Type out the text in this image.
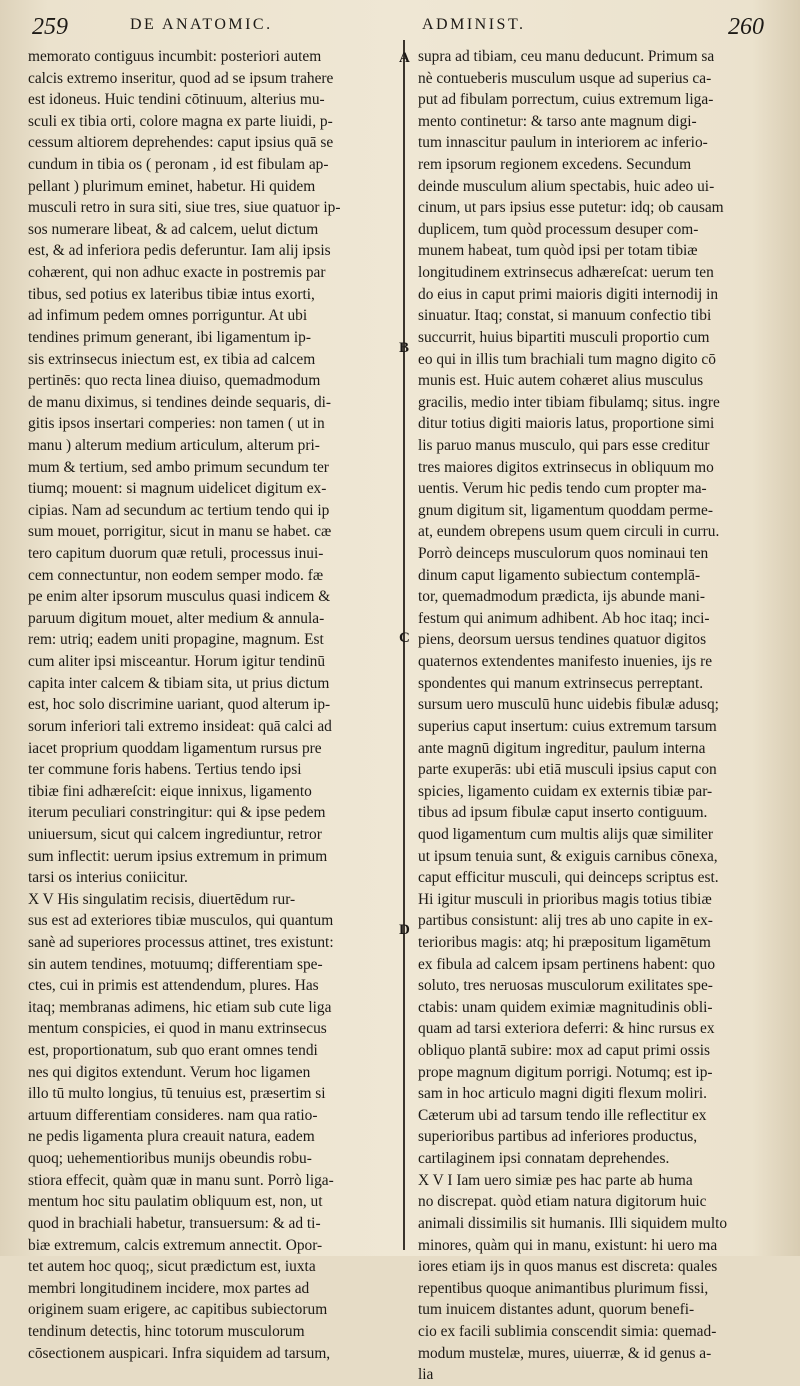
259	DE ANATOMIC.	ADMINIST.	260
A
B
C
D
memorato contiguus incumbit: posteriori autem
calcis extremo inseritur, quod ad se ipsum trahere
est idoneus. Huic tendini cōtinuum, alterius mu-
sculi ex tibia orti, colore magna ex parte liuidi, p-
cessum altiorem deprehendes: caput ipsius quā se
cundum in tibia os ( peronam , id est fibulam ap-
pellant ) plurimum eminet, habetur. Hi quidem
musculi retro in sura siti, siue tres, siue quatuor ip-
sos numerare libeat, & ad calcem, uelut dictum
est, & ad inferiora pedis deferuntur. Iam alij ipsis
cohærent, qui non adhuc exacte in postremis par
tibus, sed potius ex lateribus tibiæ intus exorti,
ad infimum pedem omnes porriguntur. At ubi
tendines primum generant, ibi ligamentum ip-
sis extrinsecus iniectum est, ex tibia ad calcem
pertinēs: quo recta linea diuiso, quemadmodum
de manu diximus, si tendines deinde sequaris, di-
gitis ipsos insertari comperies: non tamen ( ut in
manu ) alterum medium articulum, alterum pri-
mum & tertium, sed ambo primum secundum ter
tiumq; mouent: si magnum uidelicet digitum ex-
cipias. Nam ad secundum ac tertium tendo qui ip
sum mouet, porrigitur, sicut in manu se habet. cæ
tero capitum duorum quæ retuli, processus inui-
cem connectuntur, non eodem semper modo. fæ
pe enim alter ipsorum musculus quasi indicem &
paruum digitum mouet, alter medium & annula-
rem: utriq; eadem uniti propagine, magnum. Est
cum aliter ipsi misceantur. Horum igitur tendinū
capita inter calcem & tibiam sita, ut prius dictum
est, hoc solo discrimine uariant, quod alterum ip-
sorum inferiori tali extremo insideat: quā calci ad
iacet proprium quoddam ligamentum rursus pre
ter commune foris habens. Tertius tendo ipsi
tibiæ fini adhæreſcit: eique innixus, ligamento
iterum peculiari constringitur: qui & ipse pedem
uniuersum, sicut qui calcem ingrediuntur, retror
sum inflectit: uerum ipsius extremum in primum
tarsi os interius coniicitur.
X V His singulatim recisis, diuertēdum rur-
sus est ad exteriores tibiæ musculos, qui quantum
sanè ad superiores processus attinet, tres existunt:
sin autem tendines, motuumq; differentiam spe-
ctes, cui in primis est attendendum, plures. Has
itaq; membranas adimens, hic etiam sub cute liga
mentum conspicies, ei quod in manu extrinsecus
est, proportionatum, sub quo erant omnes tendi
nes qui digitos extendunt. Verum hoc ligamen
illo tū multo longius, tū tenuius est, præsertim si
artuum differentiam consideres. nam qua ratio-
ne pedis ligamenta plura creauit natura, eadem
quoq; uehementioribus munijs obeundis robu-
stiora effecit, quàm quæ in manu sunt. Porrò liga-
mentum hoc situ paulatim obliquum est, non, ut
quod in brachiali habetur, transuersum: & ad ti-
biæ extremum, calcis extremum annectit. Opor-
tet autem hoc quoq;, sicut prædictum est, iuxta
membri longitudinem incidere, mox partes ad
originem suam erigere, ac capitibus subiectorum
tendinum detectis, hinc totorum musculorum
cōsectionem auspicari. Infra siquidem ad tarsum,
supra ad tibiam, ceu manu deducunt. Primum sa
nè contueberis musculum usque ad superius ca-
put ad fibulam porrectum, cuius extremum liga-
mento continetur: & tarso ante magnum digi-
tum innascitur paulum in interiorem ac inferio-
rem ipsorum regionem excedens. Secundum
deinde musculum alium spectabis, huic adeo ui-
cinum, ut pars ipsius esse putetur: idq; ob causam
duplicem, tum quòd processum desuper com-
munem habeat, tum quòd ipsi per totam tibiæ
longitudinem extrinsecus adhæreſcat: uerum ten
do eius in caput primi maioris digiti internodij in
sinuatur. Itaq; constat, si manuum confectio tibi
succurrit, huius bipartiti musculi proportio cum
eo qui in illis tum brachiali tum magno digito cō
munis est. Huic autem cohæret alius musculus
gracilis, medio inter tibiam fibulamq; situs. ingre
ditur totius digiti maioris latus, proportione simi
lis paruo manus musculo, qui pars esse creditur
tres maiores digitos extrinsecus in obliquum mo
uentis. Verum hic pedis tendo cum propter ma-
gnum digitum sit, ligamentum quoddam perme-
at, eundem obrepens usum quem circuli in curru.
Porrò deinceps musculorum quos nominaui ten
dinum caput ligamento subiectum contemplā-
tor, quemadmodum prædicta, ijs abunde mani-
festum qui animum adhibent. Ab hoc itaq; inci-
piens, deorsum uersus tendines quatuor digitos
quaternos extendentes manifesto inuenies, ijs re
spondentes qui manum extrinsecus perreptant.
sursum uero musculū hunc uidebis fibulæ adusq;
superius caput insertum: cuius extremum tarsum
ante magnū digitum ingreditur, paulum interna
parte exuperās: ubi etiā musculi ipsius caput con
spicies, ligamento cuidam ex externis tibiæ par-
tibus ad ipsum fibulæ caput inserto contiguum.
quod ligamentum cum multis alijs quæ similiter
ut ipsum tenuia sunt, & exiguis carnibus cōnexa,
caput efficitur musculi, qui deinceps scriptus est.
Hi igitur musculi in prioribus magis totius tibiæ
partibus consistunt: alij tres ab uno capite in ex-
terioribus magis: atq; hi præpositum ligamētum
ex fibula ad calcem ipsam pertinens habent: quo
soluto, tres neruosas musculorum exilitates spe-
ctabis: unam quidem eximiæ magnitudinis obli-
quam ad tarsi exteriora deferri: & hinc rursus ex
obliquo plantā subire: mox ad caput primi ossis
prope magnum digitum porrigi. Notumq; est ip-
sam in hoc articulo magni digiti flexum moliri.
Cæterum ubi ad tarsum tendo ille reflectitur ex
superioribus partibus ad inferiores productus,
cartilaginem ipsi connatam deprehendes.
X V I Iam uero simiæ pes hac parte ab huma
no discrepat. quòd etiam natura digitorum huic
animali dissimilis sit humanis. Illi siquidem multo
minores, quàm qui in manu, existunt: hi uero ma
iores etiam ijs in quos manus est discreta: quales
repentibus quoque animantibus plurimum fissi,
tum inuicem distantes adunt, quorum benefi-
cio ex facili sublimia conscendit simia: quemad-
modum mustelæ, mures, uiuerræ, & id genus a-
lia
